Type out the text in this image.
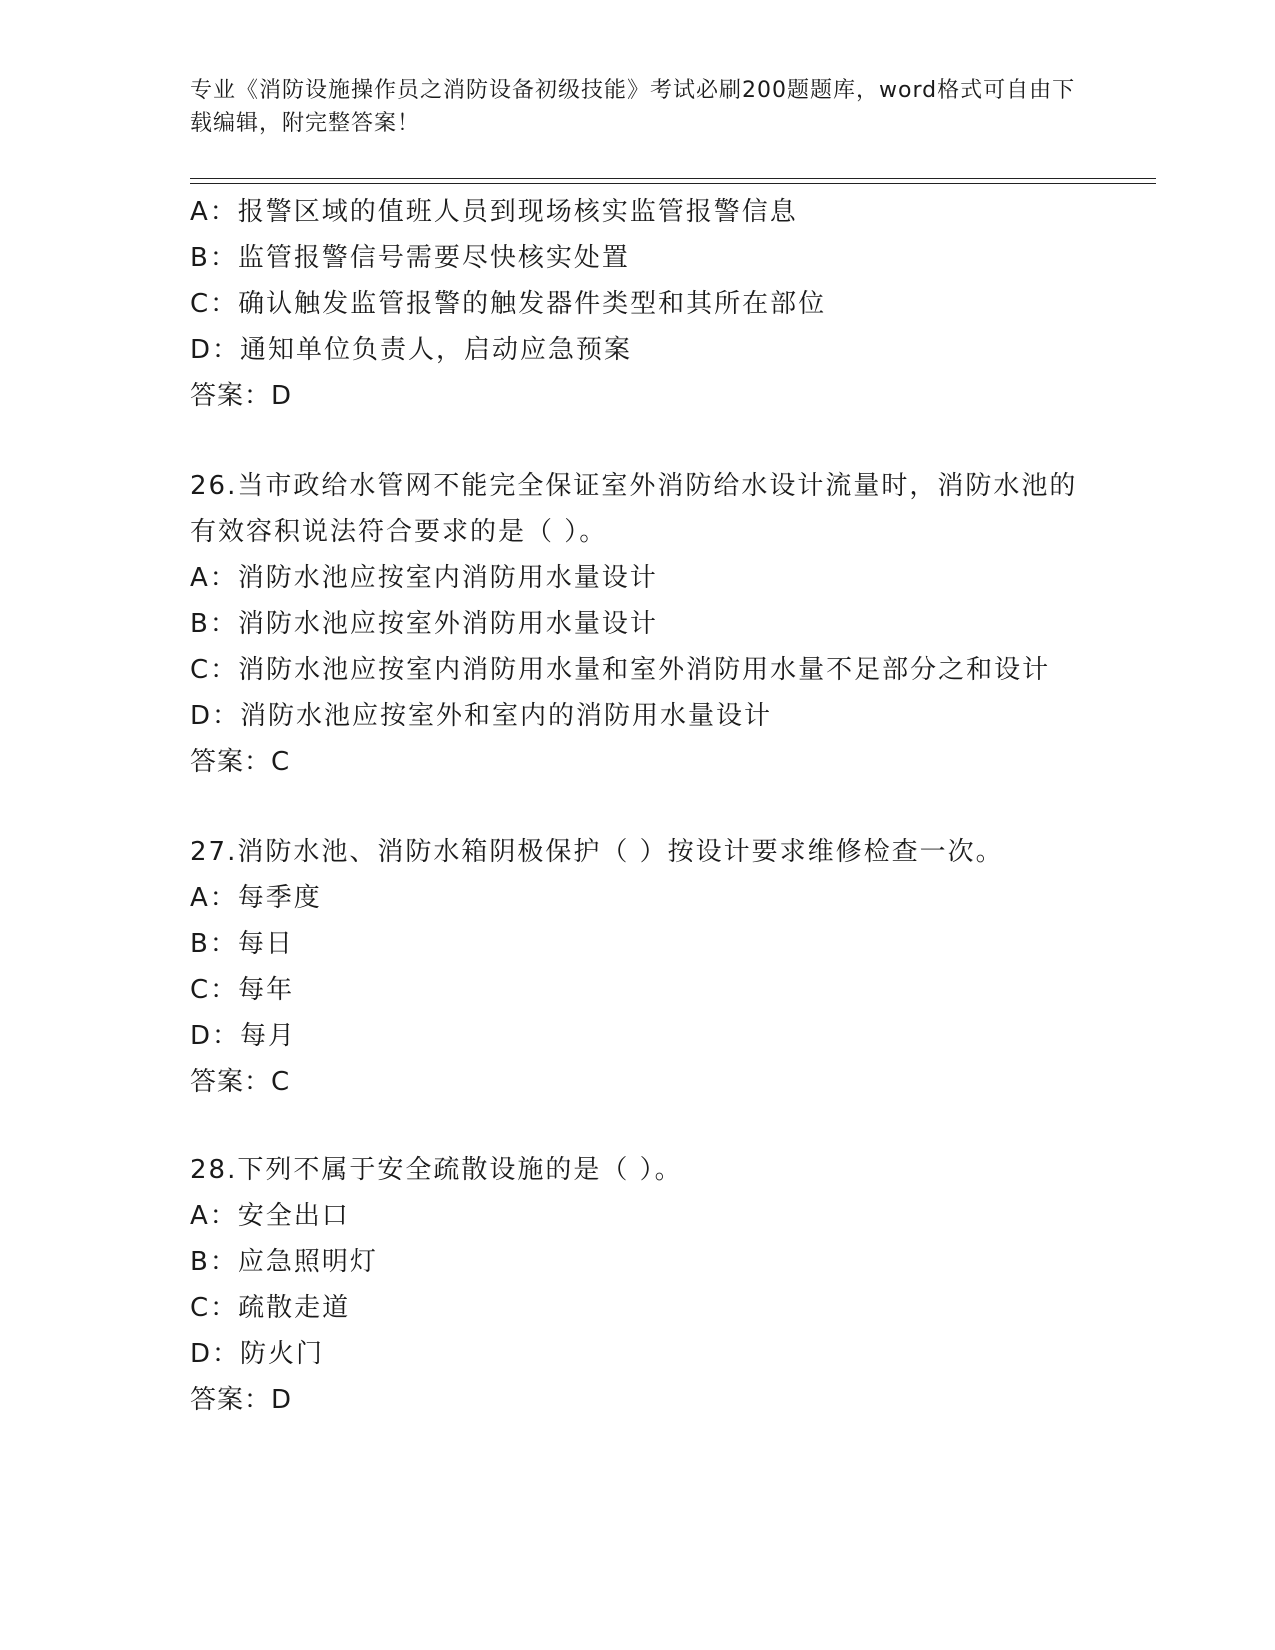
专业《消防设施操作员之消防设备初级技能》考试必刷200题题库，word格式可自由下载编辑，附完整答案！
A：报警区域的值班人员到现场核实监管报警信息
B：监管报警信号需要尽快核实处置
C：确认触发监管报警的触发器件类型和其所在部位
D：通知单位负责人，启动应急预案
答案：D
26.当市政给水管网不能完全保证室外消防给水设计流量时，消防水池的有效容积说法符合要求的是（ ）。
A：消防水池应按室内消防用水量设计
B：消防水池应按室外消防用水量设计
C：消防水池应按室内消防用水量和室外消防用水量不足部分之和设计
D：消防水池应按室外和室内的消防用水量设计
答案：C
27.消防水池、消防水箱阴极保护（ ）按设计要求维修检查一次。
A：每季度
B：每日
C：每年
D：每月
答案：C
28.下列不属于安全疏散设施的是（ ）。
A：安全出口
B：应急照明灯
C：疏散走道
D：防火门
答案：D
